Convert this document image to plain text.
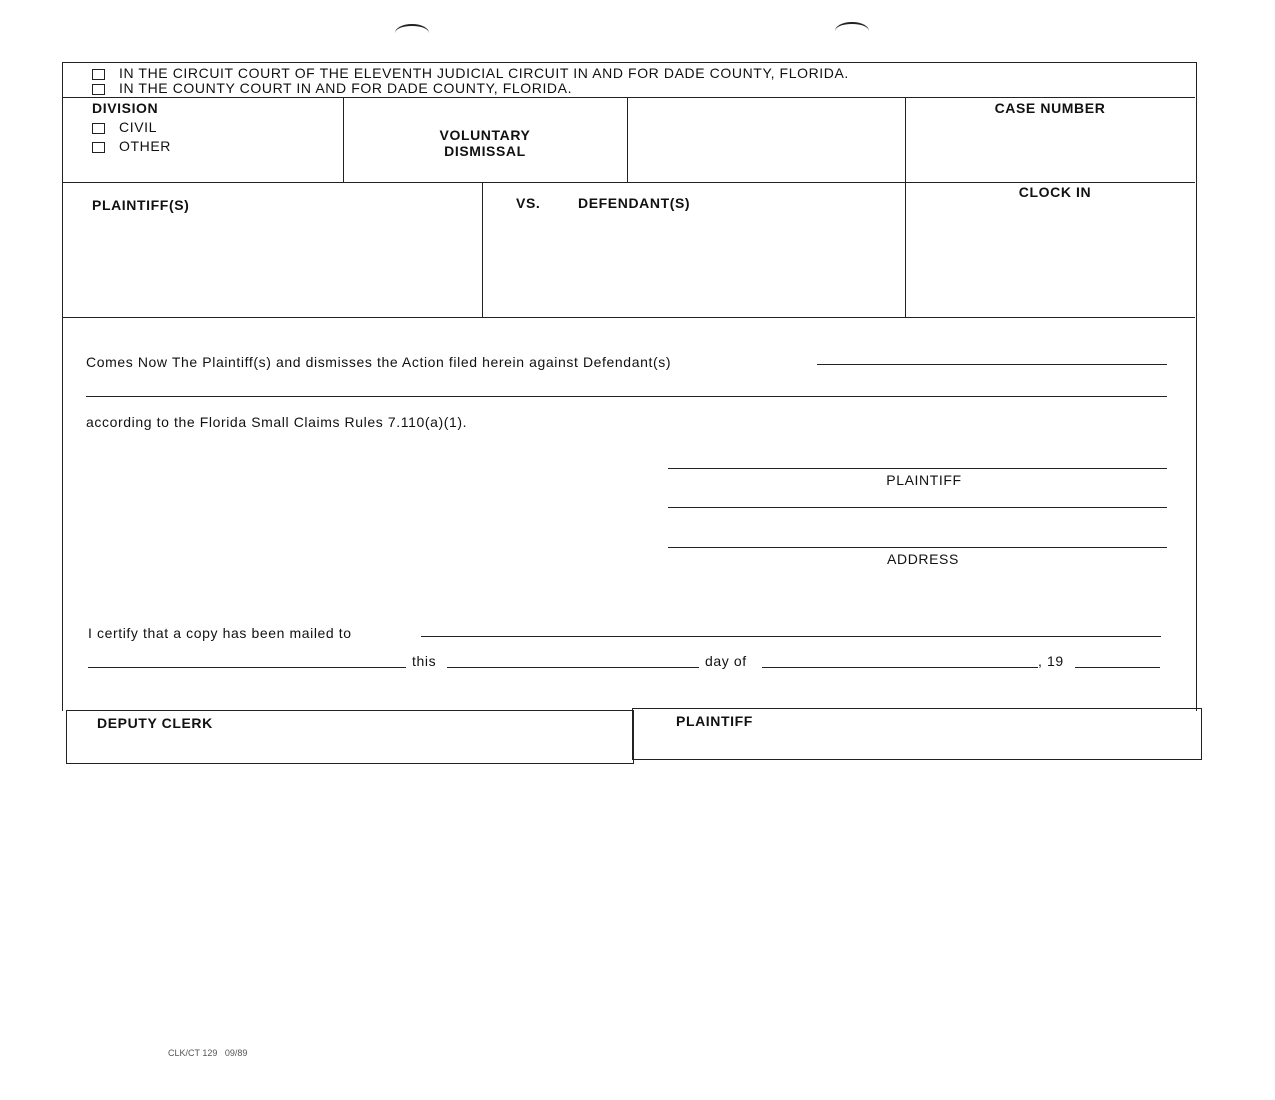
IN THE CIRCUIT COURT OF THE ELEVENTH JUDICIAL CIRCUIT IN AND FOR DADE COUNTY, FLORIDA.
IN THE COUNTY COURT IN AND FOR DADE COUNTY, FLORIDA.
DIVISION
CIVIL
OTHER
VOLUNTARY
DISMISSAL
CASE NUMBER
CLOCK IN
PLAINTIFF(S)	VS.	DEFENDANT(S)
Comes Now The Plaintiff(s) and dismisses the Action filed herein against Defendant(s)
according to the Florida Small Claims Rules 7.110(a)(1).
PLAINTIFF
ADDRESS
I certify that a copy has been mailed to
this	day of	, 19
DEPUTY CLERK	PLAINTIFF
CLK/CT 129   09/89
